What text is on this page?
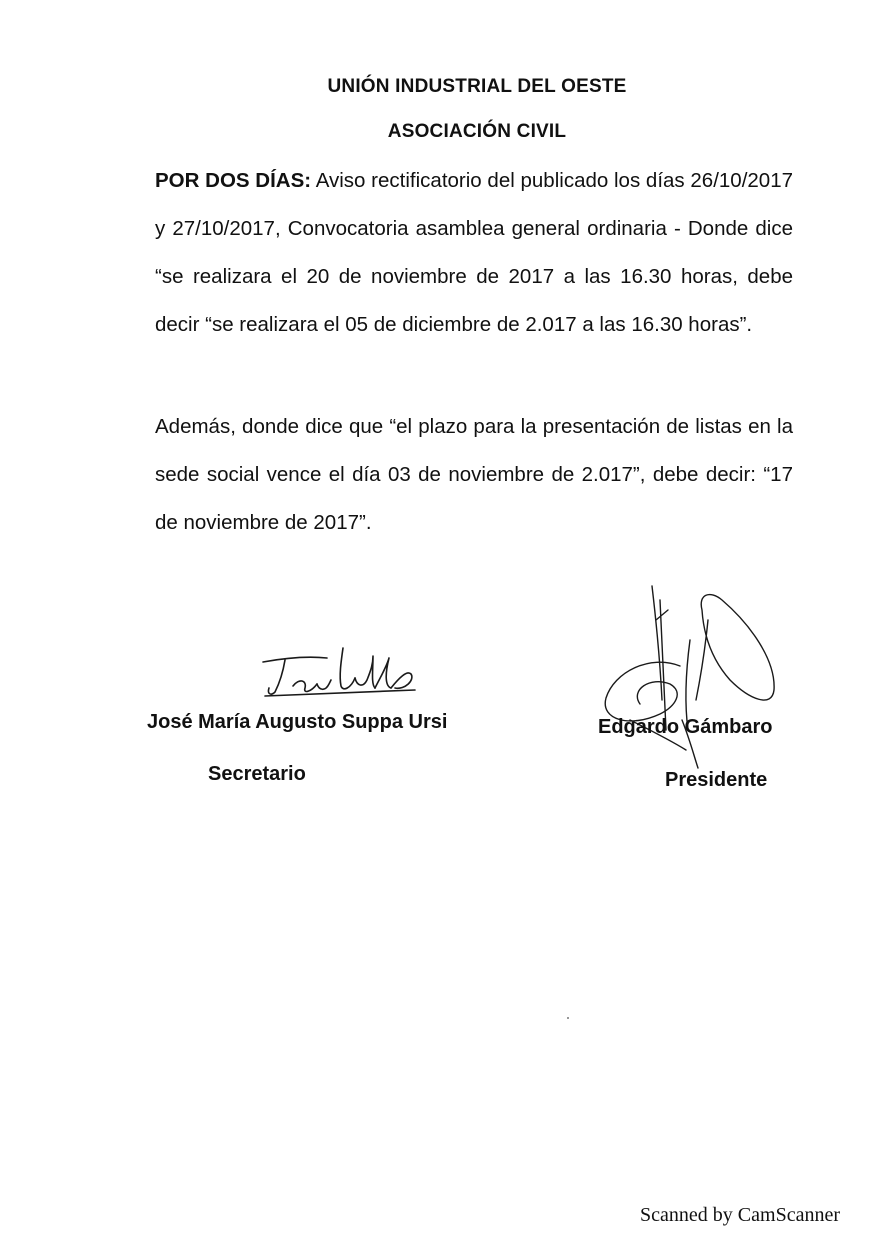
UNIÓN INDUSTRIAL DEL OESTE
ASOCIACIÓN CIVIL
POR DOS DÍAS: Aviso rectificatorio del publicado los días 26/10/2017 y 27/10/2017, Convocatoria asamblea general ordinaria - Donde dice “se realizara el 20 de noviembre de 2017 a las 16.30 horas, debe decir “se realizara el 05 de diciembre de 2.017 a las 16.30 horas”.
Además, donde dice que “el plazo para la presentación de listas en la sede social vence el día 03 de noviembre de 2.017”, debe decir: “17 de noviembre de 2017”.
José María Augusto Suppa Ursi
Secretario
Edgardo Gámbaro
Presidente
Scanned by CamScanner
